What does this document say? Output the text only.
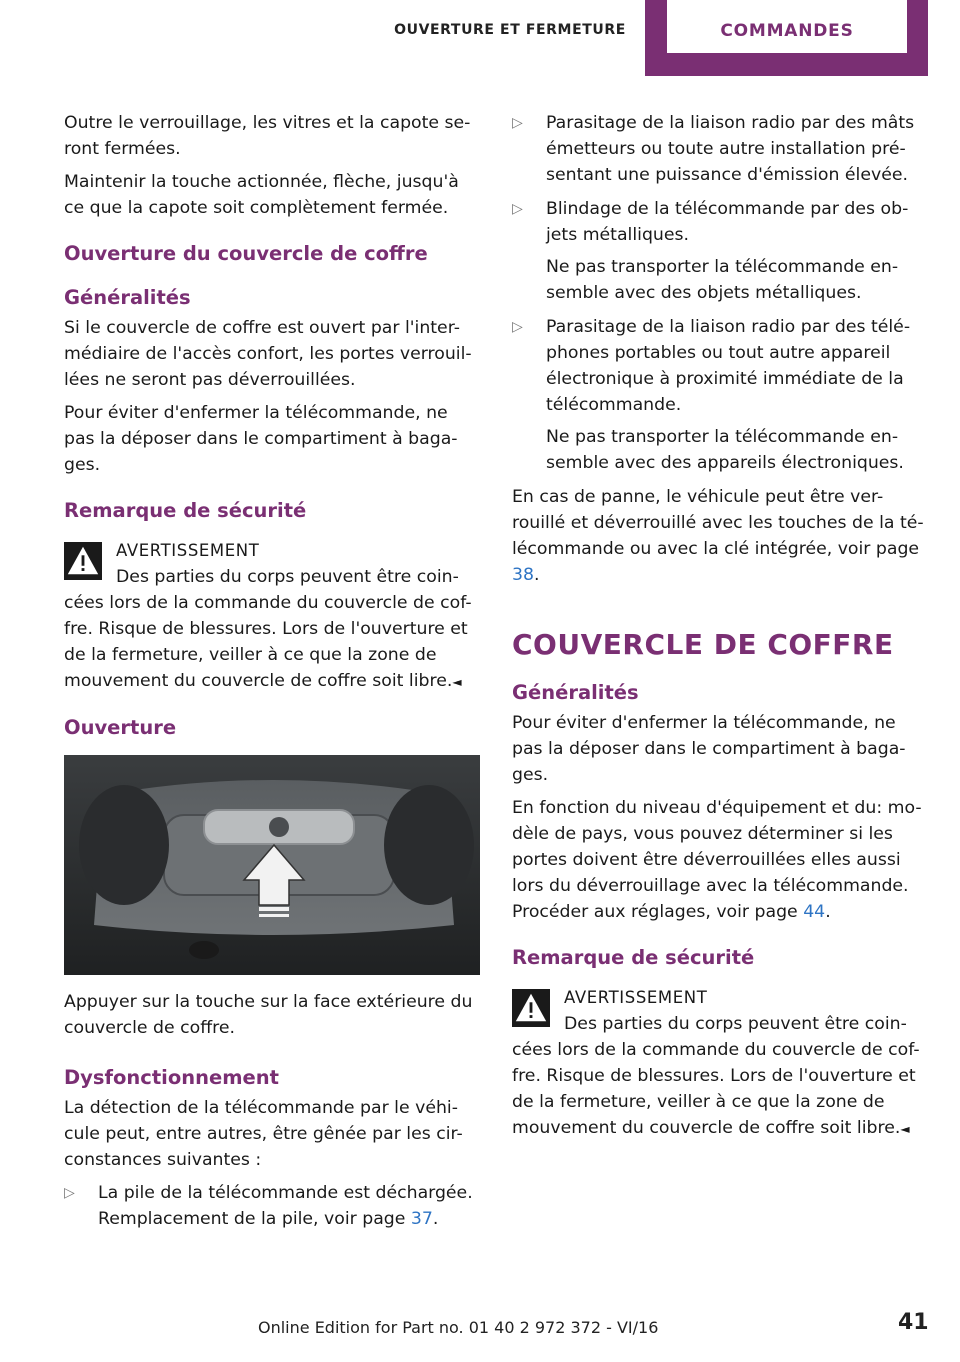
OUVERTURE ET FERMETURE	COMMANDES

Outre le verrouillage, les vitres et la capote se-ront fermées.

Maintenir la touche actionnée, flèche, jusqu'à ce que la capote soit complètement fermée.

Ouverture du couvercle de coffre
Généralités

Si le couvercle de coffre est ouvert par l'inter-médiaire de l'accès confort, les portes verrouil-lées ne seront pas déverrouillées.

Pour éviter d'enfermer la télécommande, ne pas la déposer dans le compartiment à baga-ges.

Remarque de sécurité

AVERTISSEMENT

Des parties du corps peuvent être coin-

cées lors de la commande du couvercle de cof-fre. Risque de blessures. Lors de l'ouverture et de la fermeture, veiller à ce que la zone de mouvement du couvercle de coffre soit libre.◄

Ouverture

Appuyer sur la touche sur la face extérieure du couvercle de coffre.

Dysfonctionnement

La détection de la télécommande par le véhi-cule peut, entre autres, être gênée par les cir-constances suivantes :

▷ La pile de la télécommande est déchargée.
Remplacement de la pile, voir page 37.
▷ Parasitage de la liaison radio par des mâts émetteurs ou toute autre installation pré-sentant une puissance d'émission élevée.
▷ Blindage de la télécommande par des ob-jets métalliques.
Ne pas transporter la télécommande en-semble avec des objets métalliques.
▷ Parasitage de la liaison radio par des télé-phones portables ou tout autre appareil électronique à proximité immédiate de la télécommande.
Ne pas transporter la télécommande en-semble avec des appareils électroniques.

En cas de panne, le véhicule peut être ver-rouillé et déverrouillé avec les touches de la té-lécommande ou avec la clé intégrée, voir page 38.

COUVERCLE DE COFFRE
Généralités

Pour éviter d'enfermer la télécommande, ne pas la déposer dans le compartiment à baga-ges.

En fonction du niveau d'équipement et du: mo-dèle de pays, vous pouvez déterminer si les portes doivent être déverrouillées elles aussi lors du déverrouillage avec la télécommande. Procéder aux réglages, voir page 44.

Remarque de sécurité

AVERTISSEMENT

Des parties du corps peuvent être coin-

cées lors de la commande du couvercle de cof-fre. Risque de blessures. Lors de l'ouverture et de la fermeture, veiller à ce que la zone de mouvement du couvercle de coffre soit libre.◄

Online Edition for Part no. 01 40 2 972 372 - VI/16	41
